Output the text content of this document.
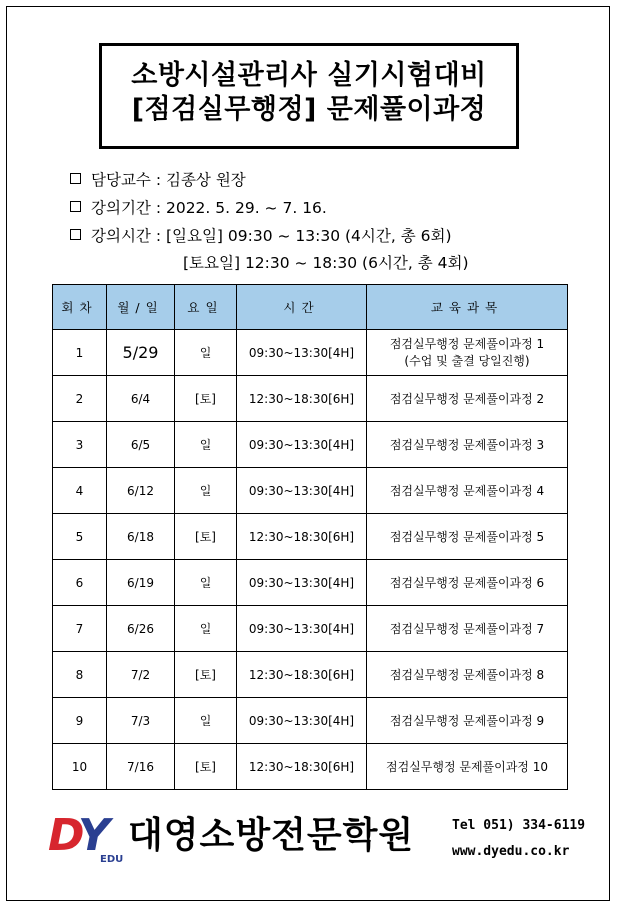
소방시설관리사 실기시험대비
[점검실무행정] 문제풀이과정
담당교수 : 김종상 원장
강의기간 : 2022. 5. 29. ~ 7. 16.
강의시간 : [일요일] 09:30 ~ 13:30 (4시간, 총 6회)
[토요일] 12:30 ~ 18:30 (6시간, 총 4회)
회차	월/일	요일	시간	교육과목
1	5/29	일	09:30~13:30[4H]	점검실무행정 문제풀이과정 1
(수업 및 출결 당일진행)

2	6/4	[토]	12:30~18:30[6H]	점검실무행정 문제풀이과정 2
3	6/5	일	09:30~13:30[4H]	점검실무행정 문제풀이과정 3
4	6/12	일	09:30~13:30[4H]	점검실무행정 문제풀이과정 4
5	6/18	[토]	12:30~18:30[6H]	점검실무행정 문제풀이과정 5
6	6/19	일	09:30~13:30[4H]	점검실무행정 문제풀이과정 6
7	6/26	일	09:30~13:30[4H]	점검실무행정 문제풀이과정 7
8	7/2	[토]	12:30~18:30[6H]	점검실무행정 문제풀이과정 8
9	7/3	일	09:30~13:30[4H]	점검실무행정 문제풀이과정 9
10	7/16	[토]	12:30~18:30[6H]	점검실무행정 문제풀이과정 10
D
Y
EDU
대영소방전문학원	Tel 051) 334-6119
www.dyedu.co.kr
